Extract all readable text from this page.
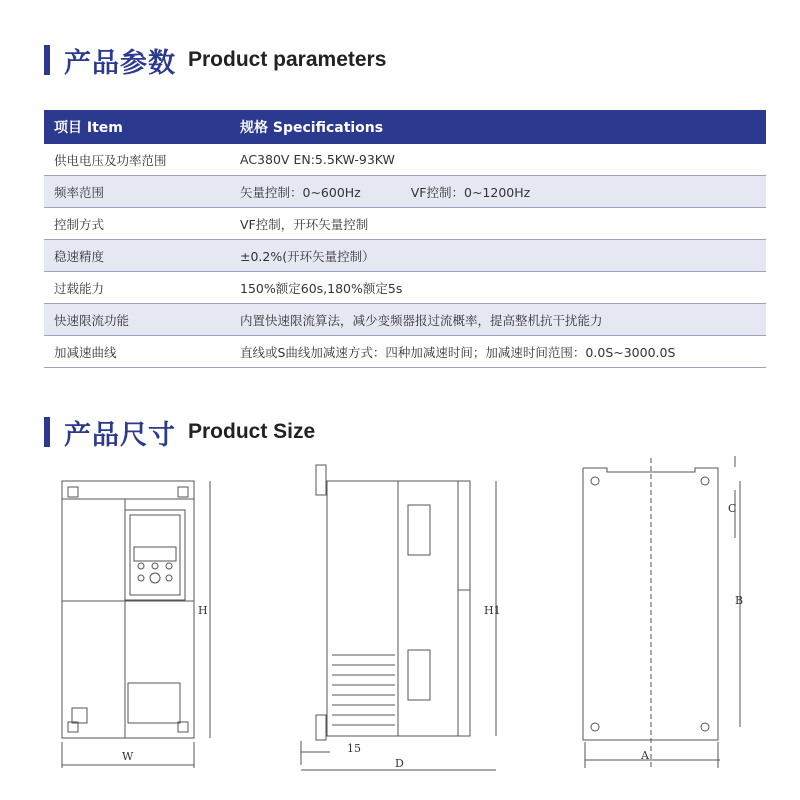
产品参数 Product parameters
项目 Item	规格 Specifications
供电电压及功率范围	AC380V EN:5.5KW-93KW
频率范围	矢量控制：0~600Hz VF控制：0~1200Hz
控制方式	VF控制，开环矢量控制
稳速精度	±0.2%(开环矢量控制）
过载能力	150%额定60s,180%额定5s
快速限流功能	内置快速限流算法，减少变频器报过流概率，提高整机抗干扰能力
加减速曲线	直线或S曲线加减速方式：四种加减速时间；加减速时间范围：0.0S~3000.0S
产品尺寸 Product Size
H
W
H1
15
D
C
B
A
